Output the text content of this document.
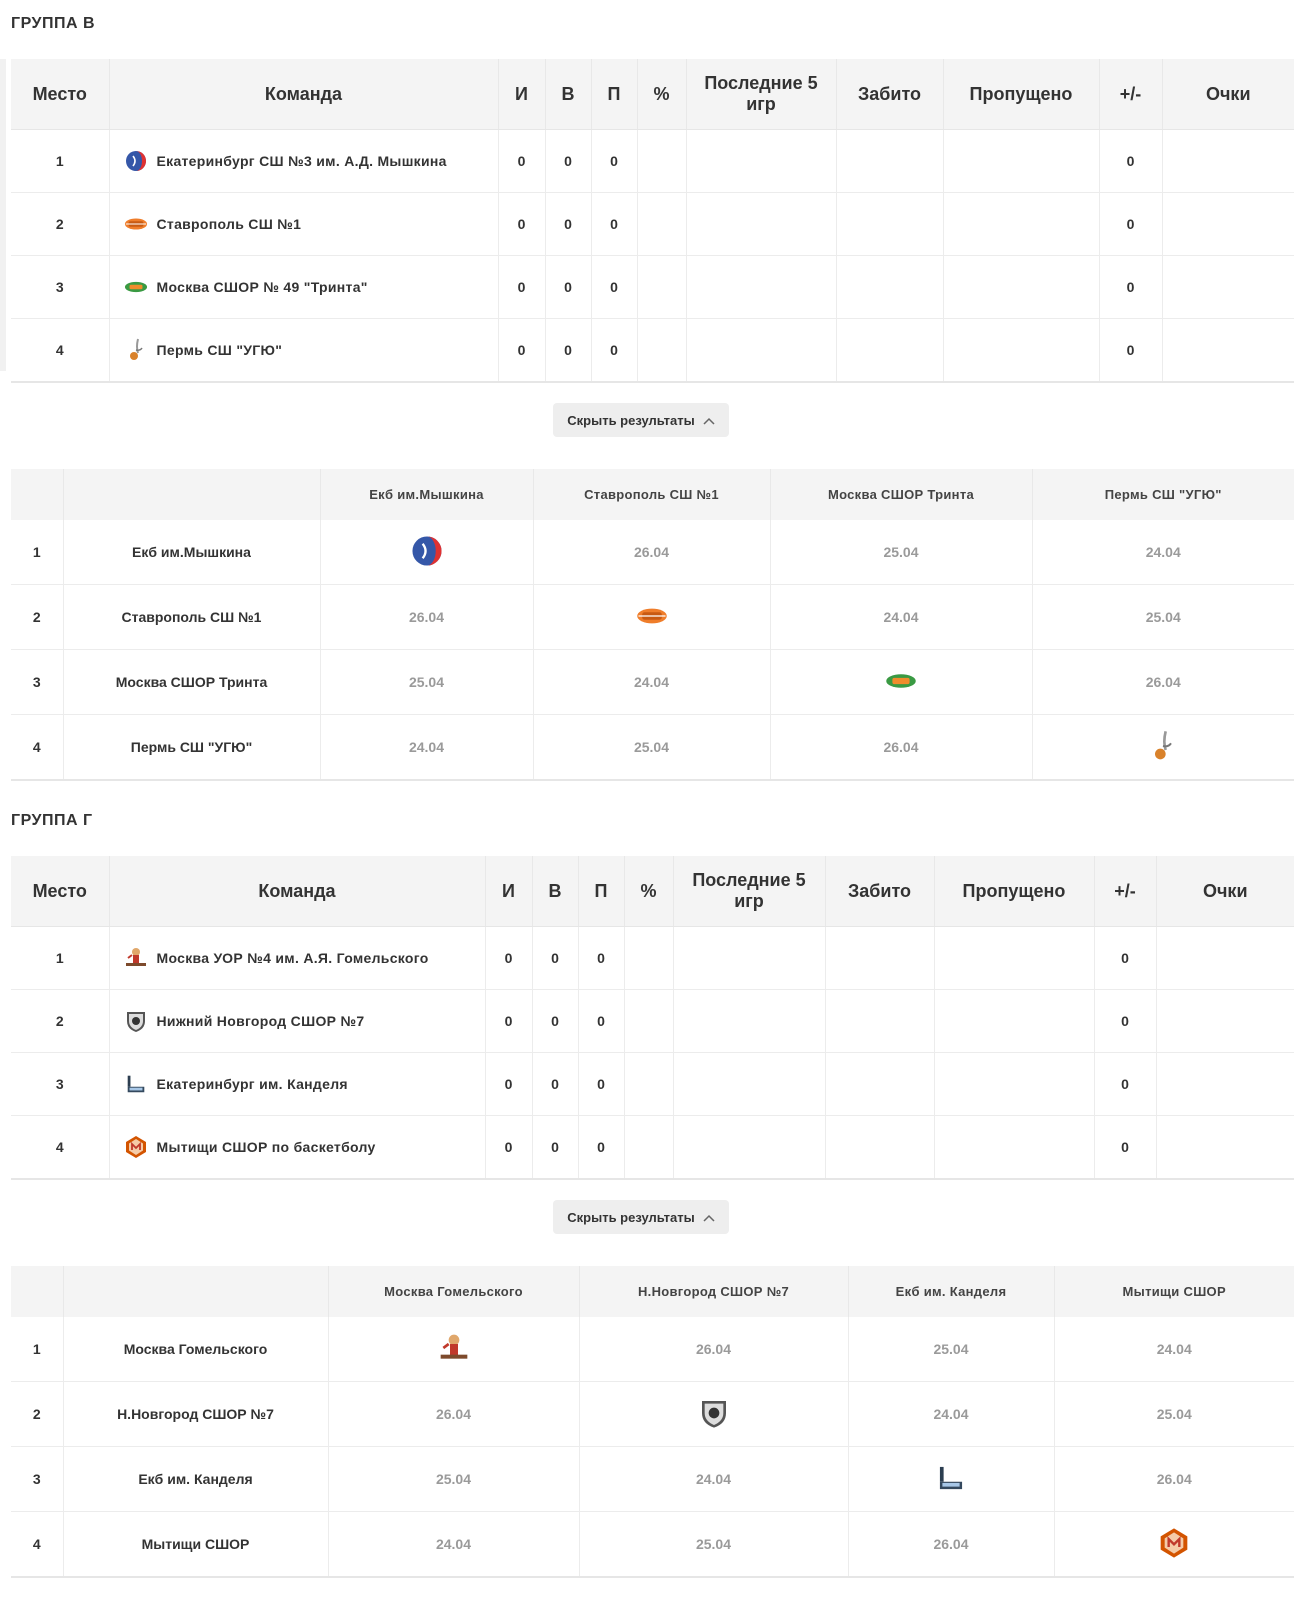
ГРУППА В
Место	Команда	И	В	П	%	Последние 5 игр	Забито	Пропущено	+/-	Очки
1	Екатеринбург СШ №3 им. А.Д. Мышкина	0	0	0					0	
2	Ставрополь СШ №1	0	0	0					0	
3	Москва СШОР № 49 "Тринта"	0	0	0					0	
4	Пермь СШ "УГЮ"	0	0	0					0	
Скрыть результаты
		Екб им.Мышкина	Ставрополь СШ №1	Москва СШОР Тринта	Пермь СШ "УГЮ"
1	Екб им.Мышкина		26.04	25.04	24.04
2	Ставрополь СШ №1	26.04		24.04	25.04
3	Москва СШОР Тринта	25.04	24.04		26.04
4	Пермь СШ "УГЮ"	24.04	25.04	26.04	
ГРУППА Г
Место	Команда	И	В	П	%	Последние 5 игр	Забито	Пропущено	+/-	Очки
1	Москва УОР №4 им. А.Я. Гомельского	0	0	0					0	
2	Нижний Новгород СШОР №7	0	0	0					0	
3	Екатеринбург им. Канделя	0	0	0					0	
4	Мытищи СШОР по баскетболу	0	0	0					0	
Скрыть результаты
		Москва Гомельского	Н.Новгород СШОР №7	Екб им. Канделя	Мытищи СШОР
1	Москва Гомельского		26.04	25.04	24.04
2	Н.Новгород СШОР №7	26.04		24.04	25.04
3	Екб им. Канделя	25.04	24.04		26.04
4	Мытищи СШОР	24.04	25.04	26.04	
